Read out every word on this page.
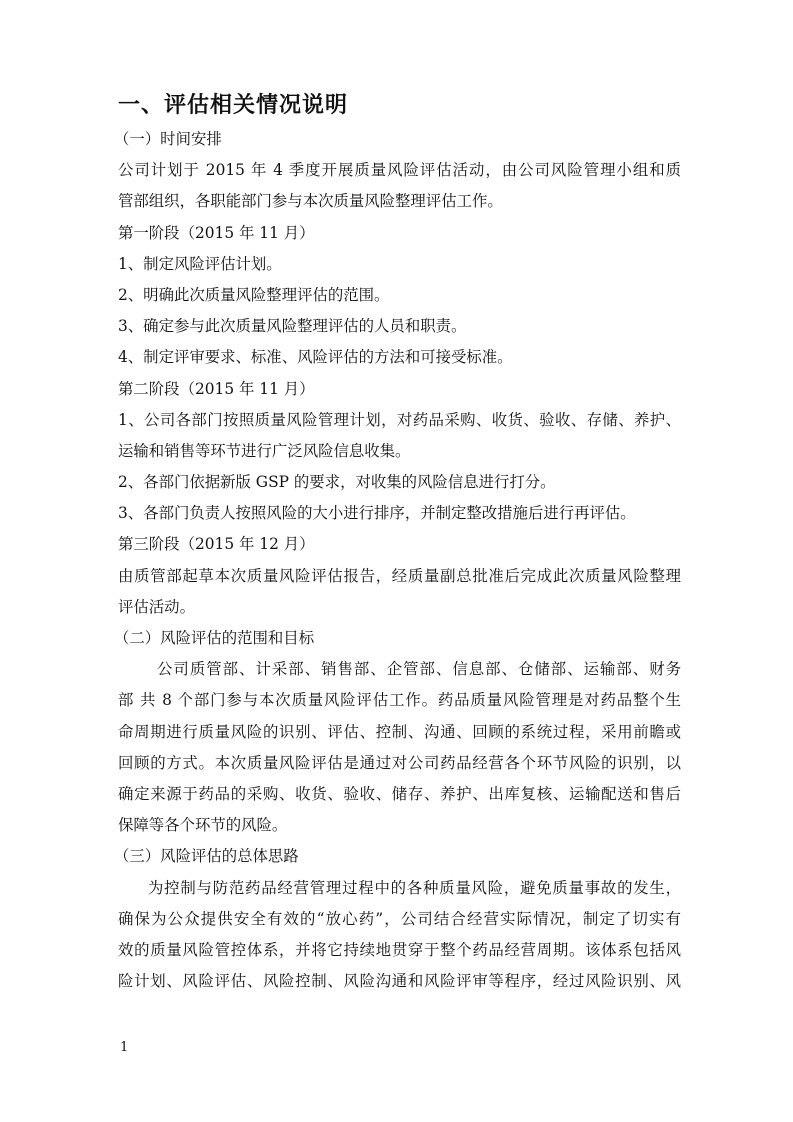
一、评估相关情况说明
（一）时间安排
公司计划于 2015 年 4 季度开展质量风险评估活动，由公司风险管理小组和质
管部组织，各职能部门参与本次质量风险整理评估工作。
第一阶段（2015 年 11 月）
1、制定风险评估计划。
2、明确此次质量风险整理评估的范围。
3、确定参与此次质量风险整理评估的人员和职责。
4、制定评审要求、标准、风险评估的方法和可接受标准。
第二阶段（2015 年 11 月）
1、公司各部门按照质量风险管理计划，对药品采购、收货、验收、存储、养护、
运输和销售等环节进行广泛风险信息收集。
2、各部门依据新版 GSP 的要求，对收集的风险信息进行打分。
3、各部门负责人按照风险的大小进行排序，并制定整改措施后进行再评估。
第三阶段（2015 年 12 月）
由质管部起草本次质量风险评估报告，经质量副总批准后完成此次质量风险整理
评估活动。
（二）风险评估的范围和目标
公司质管部、计采部、销售部、企管部、信息部、仓储部、运输部、财务
部 共 8 个部门参与本次质量风险评估工作。药品质量风险管理是对药品整个生
命周期进行质量风险的识别、评估、控制、沟通、回顾的系统过程，采用前瞻或
回顾的方式。本次质量风险评估是通过对公司药品经营各个环节风险的识别，以
确定来源于药品的采购、收货、验收、储存、养护、出库复核、运输配送和售后
保障等各个环节的风险。
（三）风险评估的总体思路
为控制与防范药品经营管理过程中的各种质量风险，避免质量事故的发生，
确保为公众提供安全有效的“放心药”，公司结合经营实际情况，制定了切实有
效的质量风险管控体系，并将它持续地贯穿于整个药品经营周期。该体系包括风
险计划、风险评估、风险控制、风险沟通和风险评审等程序，经过风险识别、风
1
